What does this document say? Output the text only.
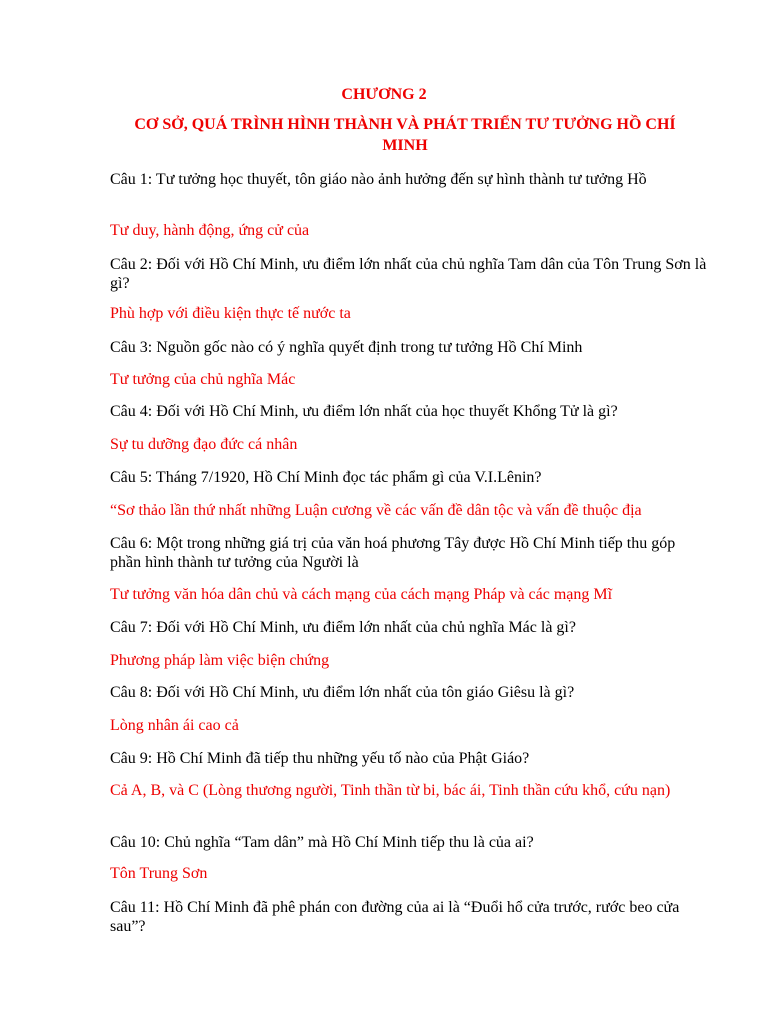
CHƯƠNG 2
CƠ SỞ, QUÁ TRÌNH HÌNH THÀNH VÀ PHÁT TRIỂN TƯ TƯỞNG HỒ CHÍ MINH
Câu 1: Tư tưởng học thuyết, tôn giáo nào ảnh hưởng đến sự hình thành tư tưởng Hồ
Tư duy, hành động, ứng cử của
Câu 2: Đối với Hồ Chí Minh, ưu điểm lớn nhất của chủ nghĩa Tam dân của Tôn Trung Sơn là gì?
Phù hợp với điều kiện thực tế nước ta
Câu 3: Nguồn gốc nào có ý nghĩa quyết định trong tư tưởng Hồ Chí Minh
Tư tưởng của chủ nghĩa Mác
Câu 4: Đối với Hồ Chí Minh, ưu điểm lớn nhất của học thuyết Khổng Tử là gì?
Sự tu dưỡng đạo đức cá nhân
Câu 5: Tháng 7/1920, Hồ Chí Minh đọc tác phẩm gì của V.I.Lênin?
“Sơ thảo lần thứ nhất những Luận cương về các vấn đề dân tộc và vấn đề thuộc địa
Câu 6: Một trong những giá trị của văn hoá phương Tây được Hồ Chí Minh tiếp thu góp phần hình thành tư tưởng của Người là
Tư tưởng văn hóa dân chủ và cách mạng của cách mạng Pháp và các mạng Mĩ
Câu 7: Đối với Hồ Chí Minh, ưu điểm lớn nhất của chủ nghĩa Mác là gì?
Phương pháp làm việc biện chứng
Câu 8: Đối với Hồ Chí Minh, ưu điểm lớn nhất của tôn giáo Giêsu là gì?
Lòng nhân ái cao cả
Câu 9: Hồ Chí Minh đã tiếp thu những yếu tố nào của Phật Giáo?
Cả A, B, và C (Lòng thương người, Tinh thần từ bi, bác ái, Tinh thần cứu khổ, cứu nạn)
Câu 10: Chủ nghĩa “Tam dân” mà Hồ Chí Minh tiếp thu là của ai?
Tôn Trung Sơn
Câu 11: Hồ Chí Minh đã phê phán con đường của ai là “Đuổi hổ cửa trước, rước beo cửa sau”?
